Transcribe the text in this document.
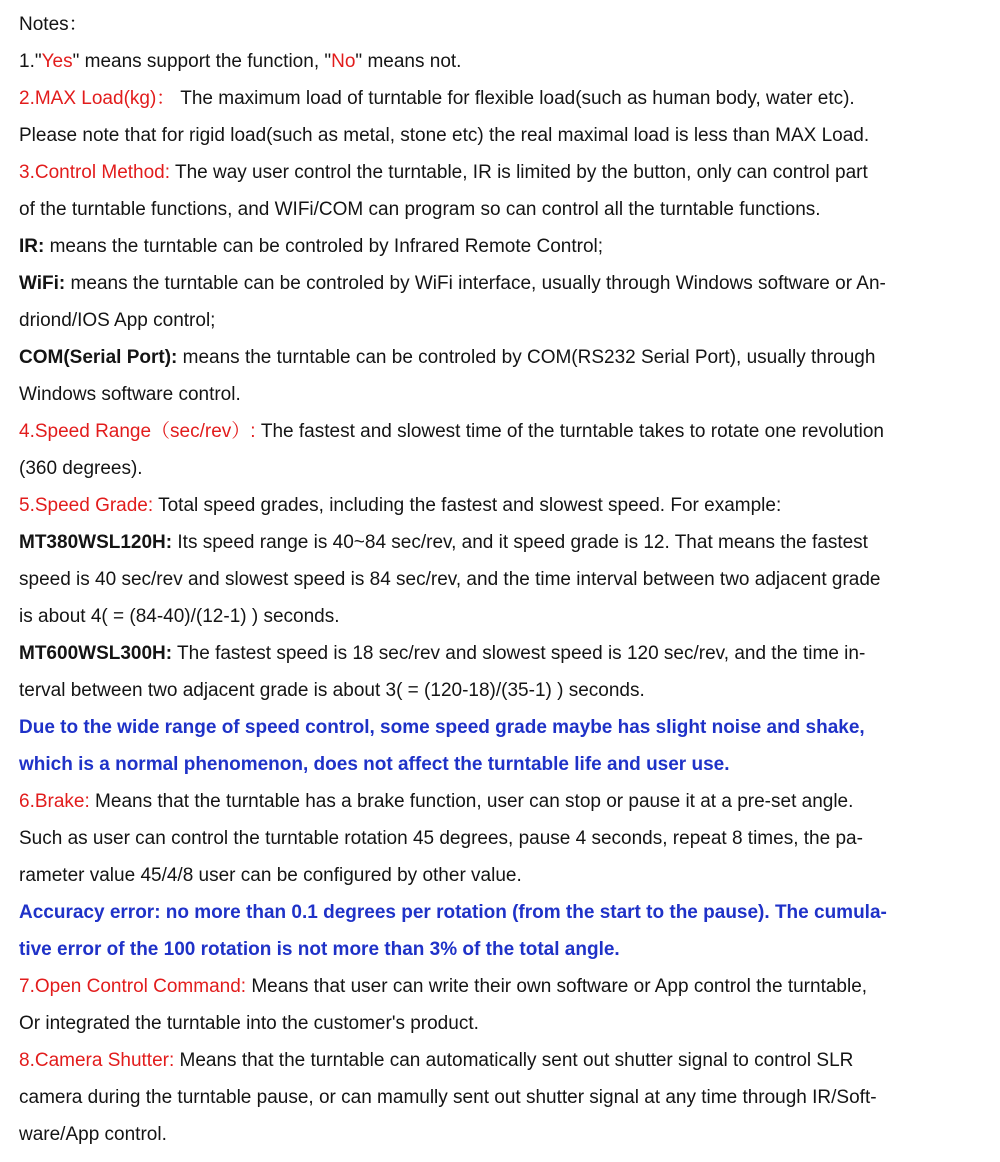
Notes：
1."Yes" means support the function, "No" means not.
2.MAX Load(kg)： The maximum load of turntable for flexible load(such as human body, water etc).
Please note that for rigid load(such as metal, stone etc) the real maximal load is less than MAX Load.
3.Control Method: The way user control the turntable, IR is limited by the button, only can control part
of the turntable functions, and WIFi/COM can program so can control all the turntable functions.
IR: means the turntable can be controled by Infrared Remote Control;
WiFi: means the turntable can be controled by WiFi interface, usually through Windows software or An-
driond/IOS App control;
COM(Serial Port): means the turntable can be controled by COM(RS232 Serial Port), usually through
Windows software control.
4.Speed Range（sec/rev）: The fastest and slowest time of the turntable takes to rotate one revolution
(360 degrees).
5.Speed Grade: Total speed grades, including the fastest and slowest speed. For example:
MT380WSL120H: Its speed range is 40~84 sec/rev, and it speed grade is 12. That means the fastest
speed is 40 sec/rev and slowest speed is 84 sec/rev, and the time interval between two adjacent grade
is about 4( = (84-40)/(12-1) ) seconds.
MT600WSL300H: The fastest speed is 18 sec/rev and slowest speed is 120 sec/rev, and the time in-
terval between two adjacent grade is about 3( = (120-18)/(35-1) ) seconds.
Due to the wide range of speed control, some speed grade maybe has slight noise and shake,
which is a normal phenomenon, does not affect the turntable life and user use.
6.Brake: Means that the turntable has a brake function, user can stop or pause it at a pre-set angle.
Such as user can control the turntable rotation 45 degrees, pause 4 seconds, repeat 8 times, the pa-
rameter value 45/4/8 user can be configured by other value.
Accuracy error: no more than 0.1 degrees per rotation (from the start to the pause). The cumula-
tive error of the 100 rotation is not more than 3% of the total angle.
7.Open Control Command: Means that user can write their own software or App control the turntable,
Or integrated the turntable into the customer's product.
8.Camera Shutter: Means that the turntable can automatically sent out shutter signal to control SLR
camera during the turntable pause, or can mamully sent out shutter signal at any time through IR/Soft-
ware/App control.
